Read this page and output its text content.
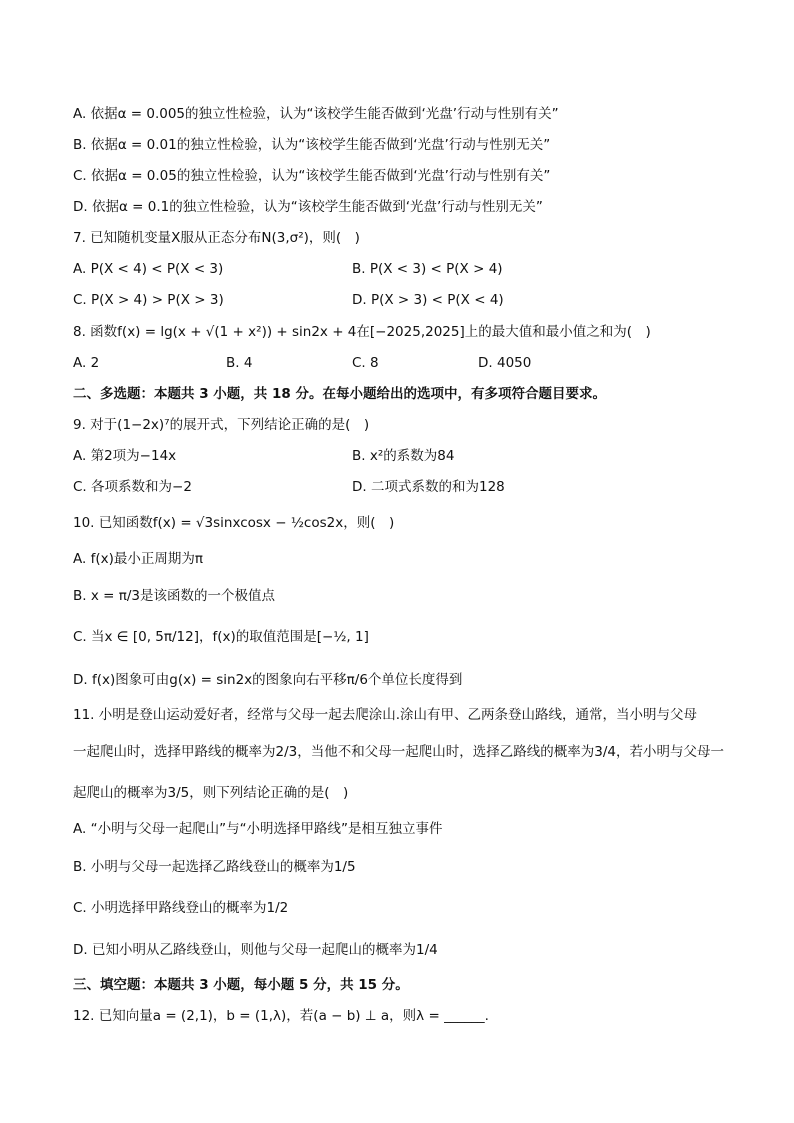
A. 依据α = 0.005的独立性检验，认为“该校学生能否做到‘光盘’行动与性别有关”
B. 依据α = 0.01的独立性检验，认为“该校学生能否做到‘光盘’行动与性别无关”
C. 依据α = 0.05的独立性检验，认为“该校学生能否做到‘光盘’行动与性别有关”
D. 依据α = 0.1的独立性检验，认为“该校学生能否做到‘光盘’行动与性别无关”
7. 已知随机变量X服从正态分布N(3,σ²)，则(　)
A. P(X < 4) < P(X < 3)	B. P(X < 3) < P(X > 4)
C. P(X > 4) > P(X > 3)	D. P(X > 3) < P(X < 4)
8. 函数f(x) = lg(x + √(1 + x²)) + sin2x + 4在[−2025,2025]上的最大值和最小值之和为(　)
A. 2	B. 4	C. 8	D. 4050
二、多选题：本题共 3 小题，共 18 分。在每小题给出的选项中，有多项符合题目要求。
9. 对于(1−2x)⁷的展开式，下列结论正确的是(　)
A. 第2项为−14x	B. x²的系数为84
C. 各项系数和为−2	D. 二项式系数的和为128
10. 已知函数f(x) = √3sinxcosx − ½cos2x，则(　)
A. f(x)最小正周期为π
B. x = π/3是该函数的一个极值点
C. 当x ∈ [0, 5π/12]，f(x)的取值范围是[−½, 1]
D. f(x)图象可由g(x) = sin2x的图象向右平移π/6个单位长度得到
11. 小明是登山运动爱好者，经常与父母一起去爬涂山.涂山有甲、乙两条登山路线，通常，当小明与父母
一起爬山时，选择甲路线的概率为2/3，当他不和父母一起爬山时，选择乙路线的概率为3/4，若小明与父母一
起爬山的概率为3/5，则下列结论正确的是(　)
A. “小明与父母一起爬山”与“小明选择甲路线”是相互独立事件
B. 小明与父母一起选择乙路线登山的概率为1/5
C. 小明选择甲路线登山的概率为1/2
D. 已知小明从乙路线登山，则他与父母一起爬山的概率为1/4
三、填空题：本题共 3 小题，每小题 5 分，共 15 分。
12. 已知向量a = (2,1)，b = (1,λ)，若(a − b) ⊥ a，则λ = ______.
